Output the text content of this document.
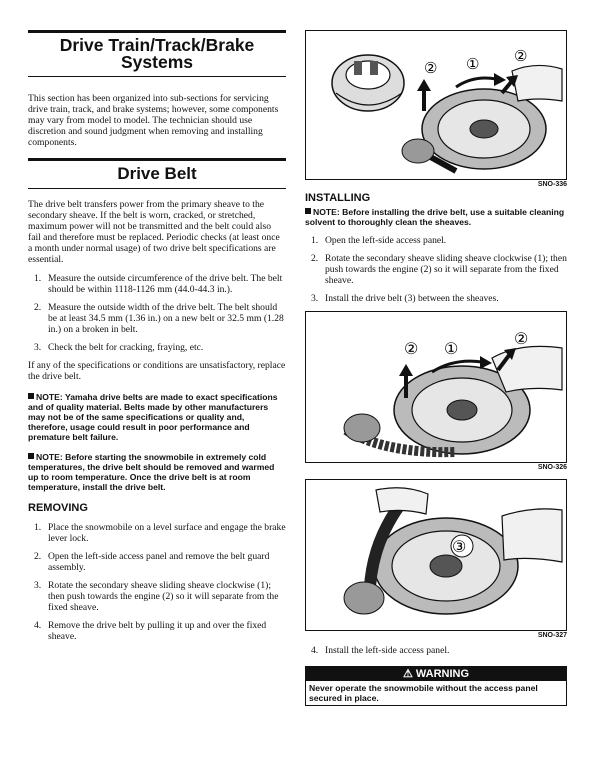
Drive Train/Track/Brake Systems

This section has been organized into sub-sections for servicing drive train, track, and brake systems; however, some components may vary from model to model. The technician should use discretion and sound judgment when removing and installing components.

Drive Belt

The drive belt transfers power from the primary sheave to the secondary sheave. If the belt is worn, cracked, or stretched, maximum power will not be transmitted and the belt could also fail and therefore must be replaced. Periodic checks (at least once a month under normal usage) of two drive belt specifications are essential.

1. Measure the outside circumference of the drive belt. The belt should be within 1118-1126 mm (44.0-44.3 in.).
2. Measure the outside width of the drive belt. The belt should be at least 34.5 mm (1.36 in.) on a new belt or 32.5 mm (1.28 in.) on a broken in belt.
3. Check the belt for cracking, fraying, etc.

If any of the specifications or conditions are unsatisfactory, replace the drive belt.

NOTE: Yamaha drive belts are made to exact specifications and of quality material. Belts made by other manufacturers may not be of the same specifications or quality and, therefore, usage could result in poor performance and premature belt failure.

NOTE: Before starting the snowmobile in extremely cold temperatures, the drive belt should be removed and warmed up to room temperature. Once the drive belt is at room temperature, install the drive belt.

REMOVING
1. Place the snowmobile on a level surface and engage the brake lever lock.
2. Open the left-side access panel and remove the belt guard assembly.
3. Rotate the secondary sheave sliding sheave clockwise (1); then push towards the engine (2) so it will separate from the fixed sheave.
4. Remove the drive belt by pulling it up and over the fixed sheave.
② ① ②
SNO-336
INSTALLING

NOTE: Before installing the drive belt, use a suitable cleaning solvent to thoroughly clean the sheaves.

1. Open the left-side access panel.
2. Rotate the secondary sheave sliding sheave clockwise (1); then push towards the engine (2) so it will separate from the fixed sheave.
3. Install the drive belt (3) between the sheaves.
② ①
②
SNO-326
③
SNO-327
4. Install the left-side access panel.
⚠ WARNING
Never operate the snowmobile without the access panel secured in place.
